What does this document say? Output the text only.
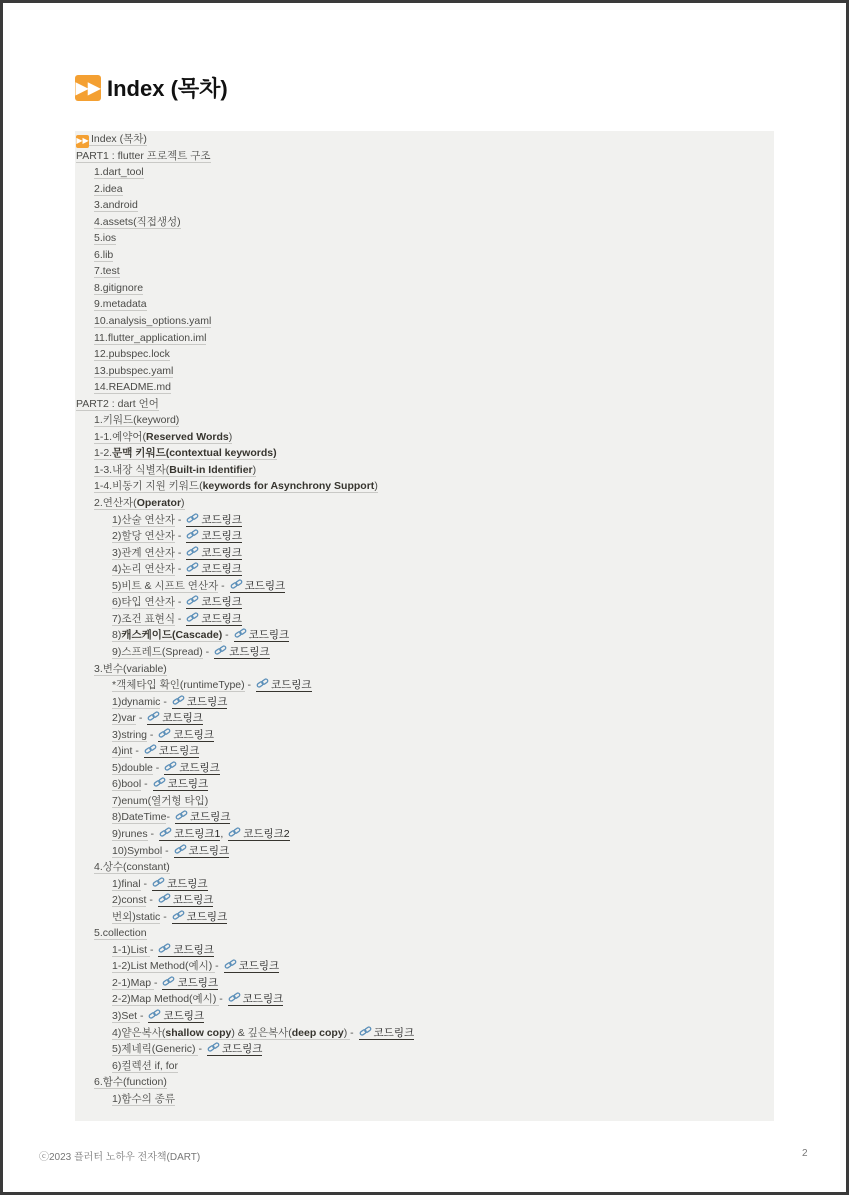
▶▶ Index (목차)
▶▶ Index (목차)
PART1 : flutter 프로젝트 구조
1.dart_tool
2.idea
3.android
4.assets(직접생성)
5.ios
6.lib
7.test
8.gitignore
9.metadata
10.analysis_options.yaml
11.flutter_application.iml
12.pubspec.lock
13.pubspec.yaml
14.README.md
PART2 : dart 언어
1.키워드(keyword)
1-1.예약어(Reserved Words)
1-2.문맥 키워드(contextual keywords)
1-3.내장 식별자(Built-in Identifier)
1-4.비동기 지원 키워드(keywords for Asynchrony Support)
2.연산자(Operator)
1)산술 연산자 - 코드링크
2)할당 연산자 - 코드링크
3)관계 연산자 - 코드링크
4)논리 연산자 - 코드링크
5)비트 & 시프트 연산자 - 코드링크
6)타입 연산자 - 코드링크
7)조건 표현식 - 코드링크
8)캐스케이드(Cascade) - 코드링크
9)스프레드(Spread) - 코드링크
3.변수(variable)
*객체타입 확인(runtimeType) - 코드링크
1)dynamic - 코드링크
2)var - 코드링크
3)string - 코드링크
4)int - 코드링크
5)double - 코드링크
6)bool - 코드링크
7)enum(열거형 타입)
8)DateTime- 코드링크
9)runes - 코드링크1, 코드링크2
10)Symbol - 코드링크
4.상수(constant)
1)final - 코드링크
2)const - 코드링크
번외)static - 코드링크
5.collection
1-1)List - 코드링크
1-2)List Method(예시) - 코드링크
2-1)Map - 코드링크
2-2)Map Method(예시) - 코드링크
3)Set - 코드링크
4)얕은복사(shallow copy) & 깊은복사(deep copy) - 코드링크
5)제네릭(Generic) - 코드링크
6)컬렉션 if, for
6.함수(function)
1)함수의 종류
ⓒ2023 플러터 노하우 전자책(DART)	2
